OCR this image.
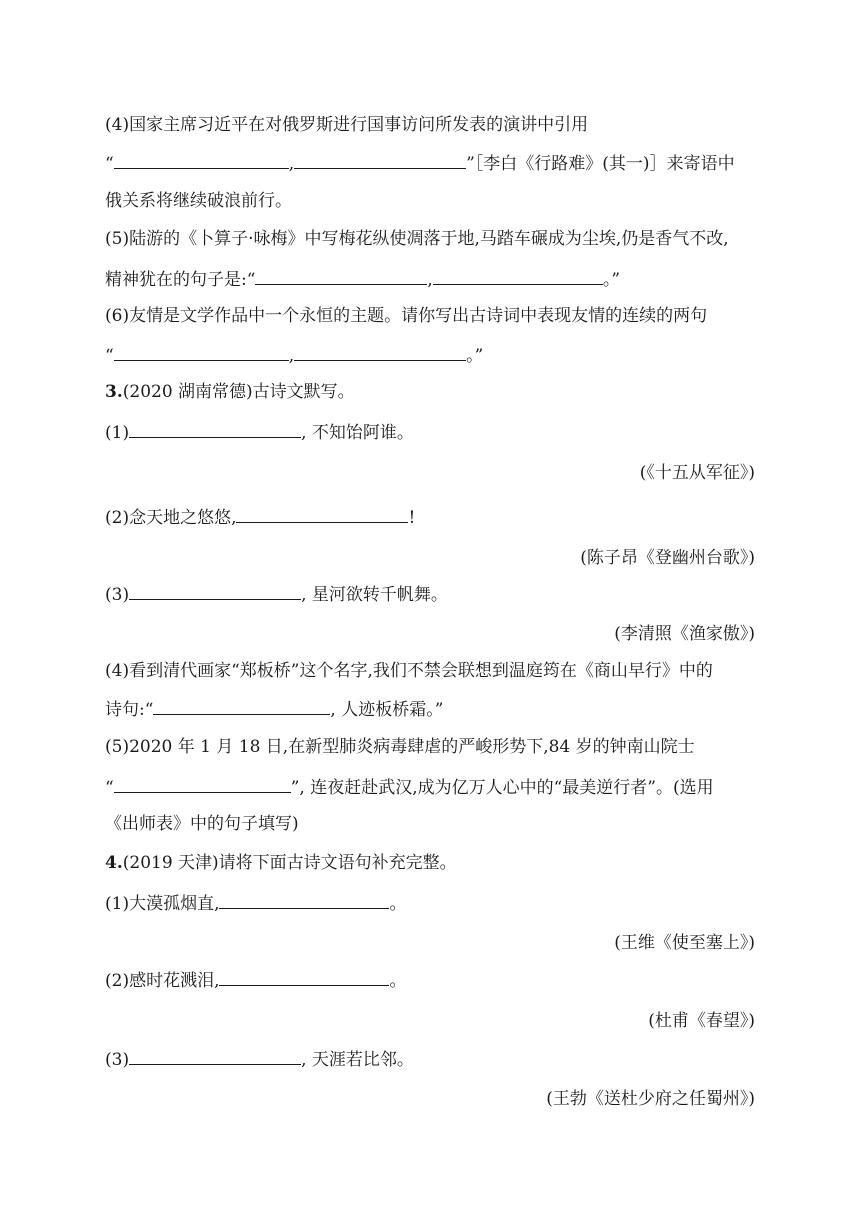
(4)国家主席习近平在对俄罗斯进行国事访问所发表的演讲中引用
“	,	”［李白《行路难》(其一)］来寄语中
俄关系将继续破浪前行。
(5)陆游的《卜算子·咏梅》中写梅花纵使凋落于地,马踏车碾成为尘埃,仍是香气不改,
精神犹在的句子是:“	,	。”
(6)友情是文学作品中一个永恒的主题。请你写出古诗词中表现友情的连续的两句
“	,	。”
3.(2020 湖南常德)古诗文默写。
(1)	, 不知饴阿谁。
(《十五从军征》)
(2)念天地之悠悠,	!
(陈子昂《登幽州台歌》)
(3)	, 星河欲转千帆舞。
(李清照《渔家傲》)
(4)看到清代画家“郑板桥”这个名字,我们不禁会联想到温庭筠在《商山早行》中的
诗句:“	, 人迹板桥霜。”
(5)2020 年 1 月 18 日,在新型肺炎病毒肆虐的严峻形势下,84 岁的钟南山院士
“	”, 连夜赶赴武汉,成为亿万人心中的“最美逆行者”。(选用
《出师表》中的句子填写)
4.(2019 天津)请将下面古诗文语句补充完整。
(1)大漠孤烟直,	。
(王维《使至塞上》)
(2)感时花溅泪,	。
(杜甫《春望》)
(3)	, 天涯若比邻。
(王勃《送杜少府之任蜀州》)
